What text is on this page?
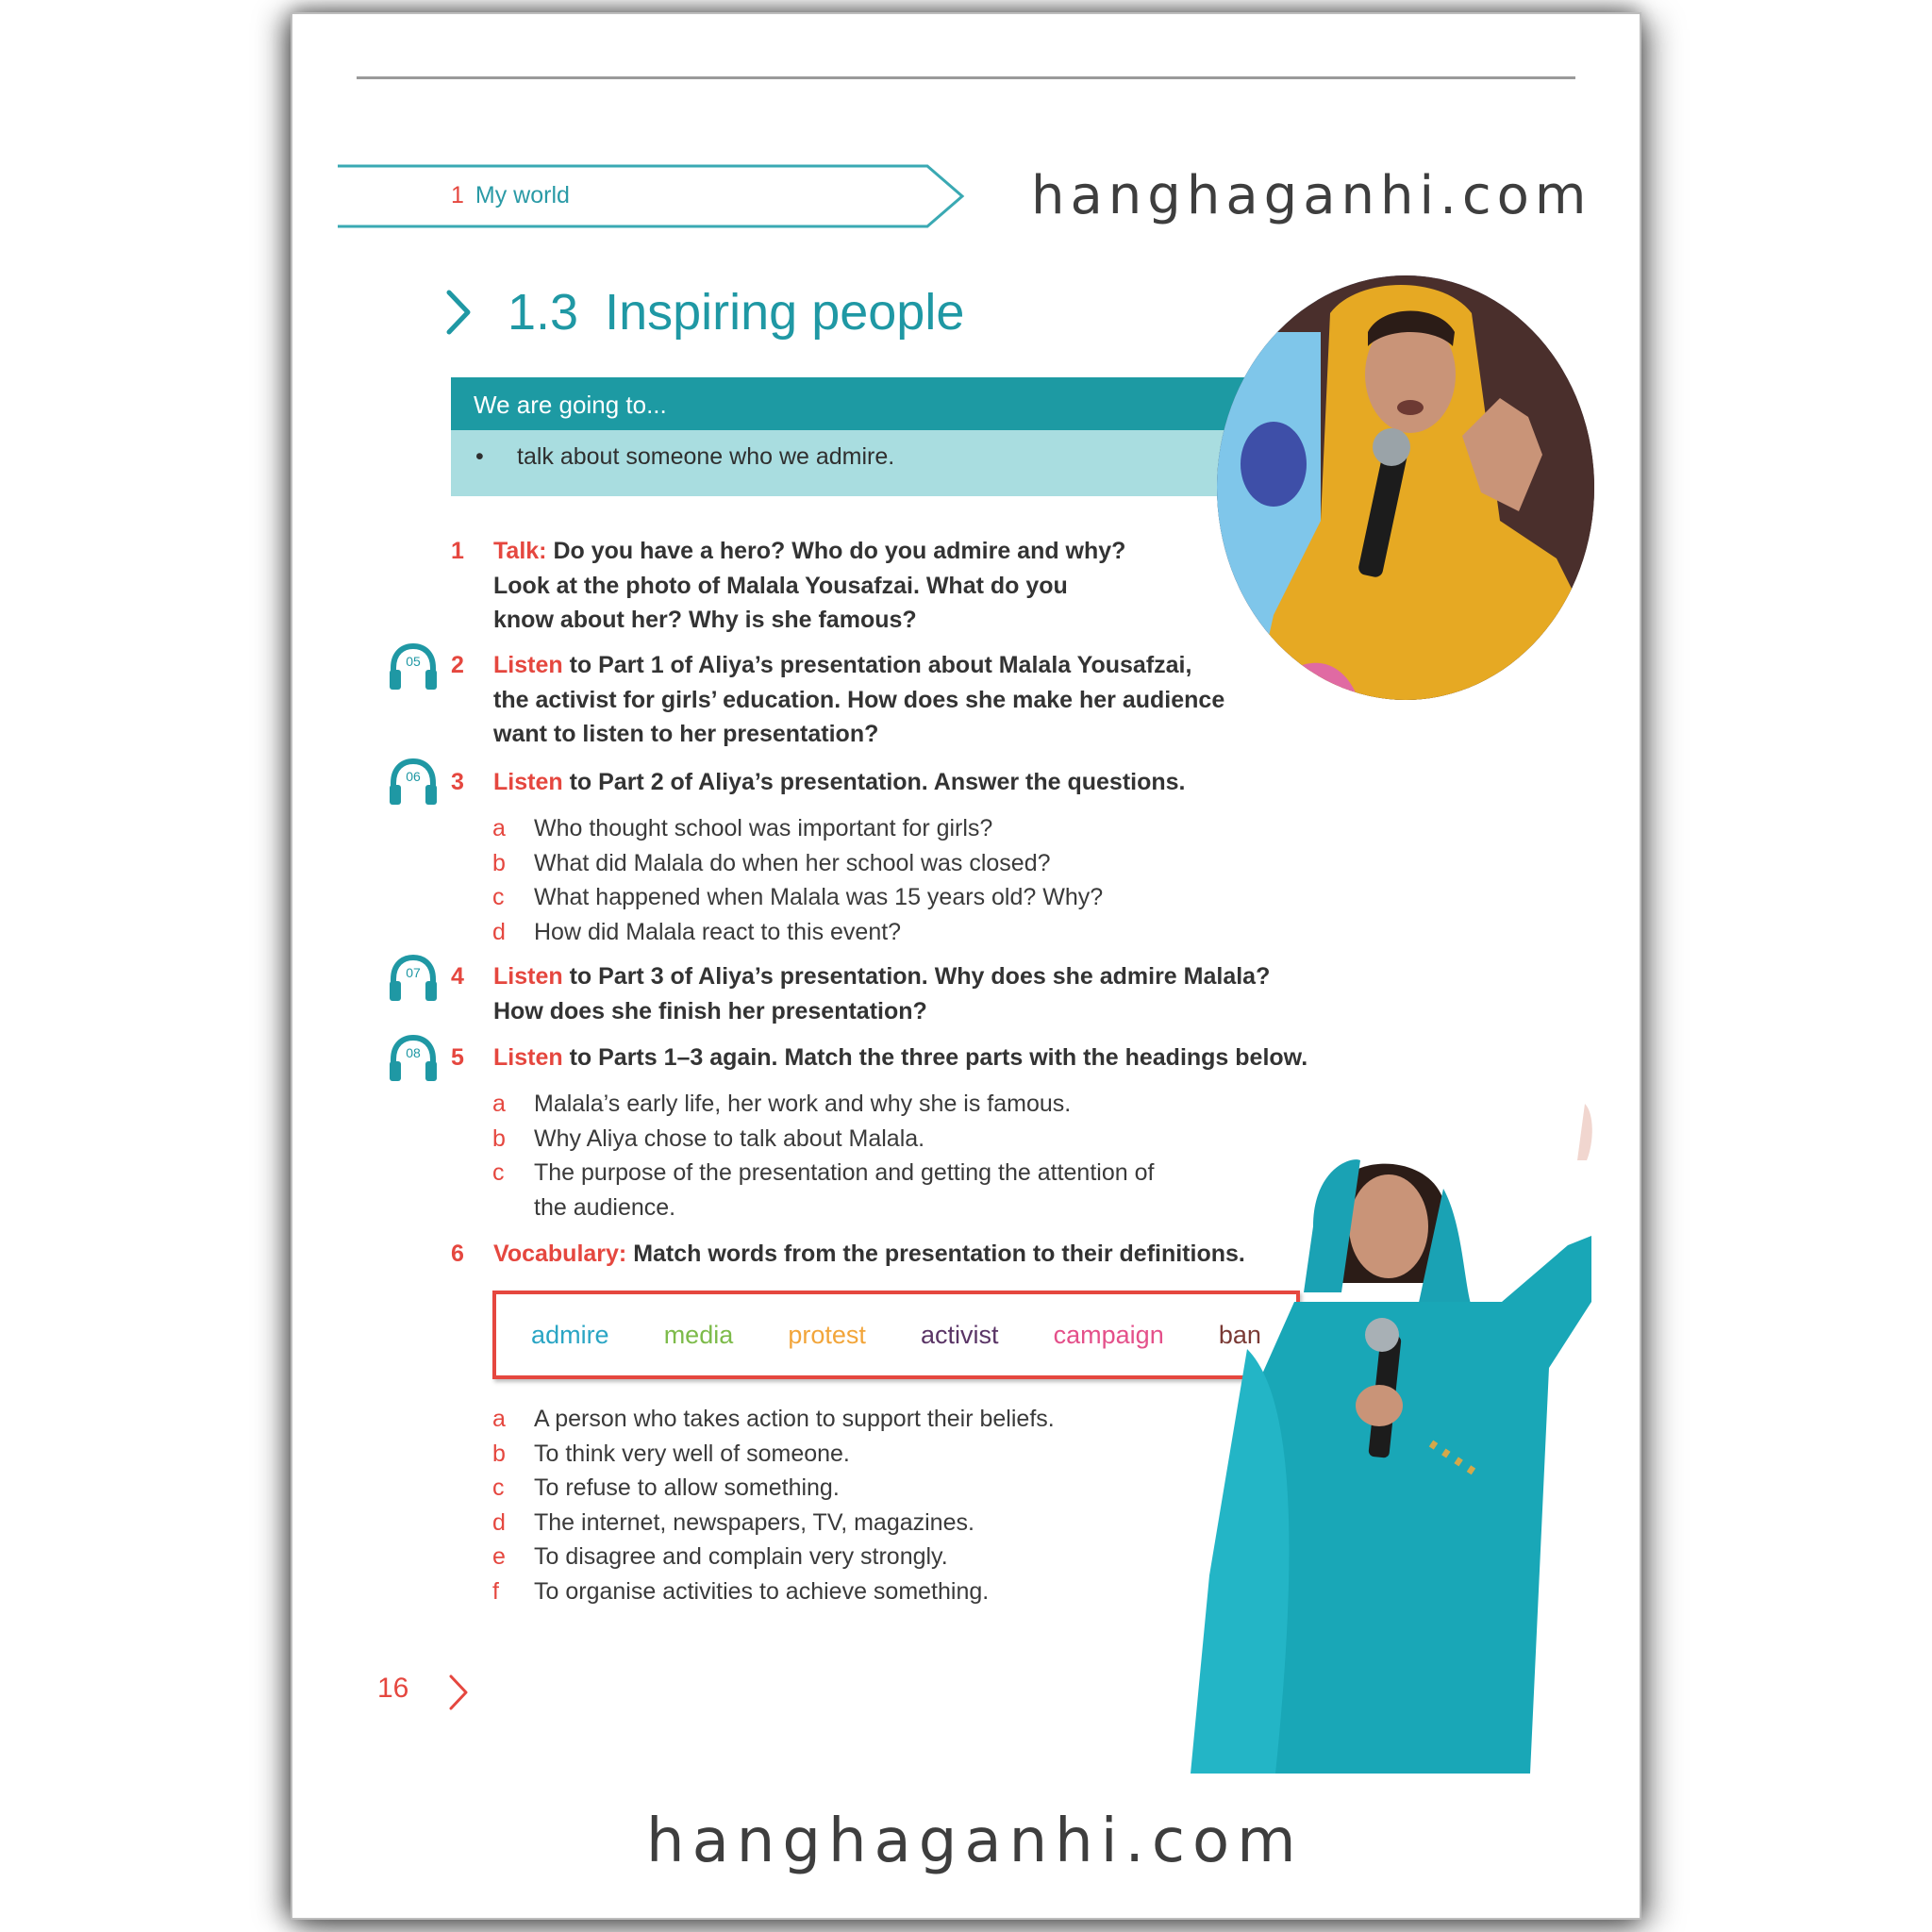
1 My world	hanghaganhi.com
1.3 Inspiring people
We are going to...
• talk about someone who we admire.
1	Talk: Do you have a hero? Who do you admire and why?
Look at the photo of Malala Yousafzai. What do you
know about her? Why is she famous?
05	2	Listen to Part 1 of Aliya’s presentation about Malala Yousafzai,
the activist for girls’ education. How does she make her audience
want to listen to her presentation?
06	3	Listen to Part 2 of Aliya’s presentation. Answer the questions.
a Who thought school was important for girls?
b What did Malala do when her school was closed?
c What happened when Malala was 15 years old? Why?
d How did Malala react to this event?
07	4	Listen to Part 3 of Aliya’s presentation. Why does she admire Malala?
How does she finish her presentation?
08	5	Listen to Parts 1–3 again. Match the three parts with the headings below.
a Malala’s early life, her work and why she is famous.
b Why Aliya chose to talk about Malala.
c The purpose of the presentation and getting the attention of
the audience.
6	Vocabulary: Match words from the presentation to their definitions.
admire media protest activist campaign ban
a A person who takes action to support their beliefs.
b To think very well of someone.
c To refuse to allow something.
d The internet, newspapers, TV, magazines.
e To disagree and complain very strongly.
f To organise activities to achieve something.
16
hanghaganhi.com
